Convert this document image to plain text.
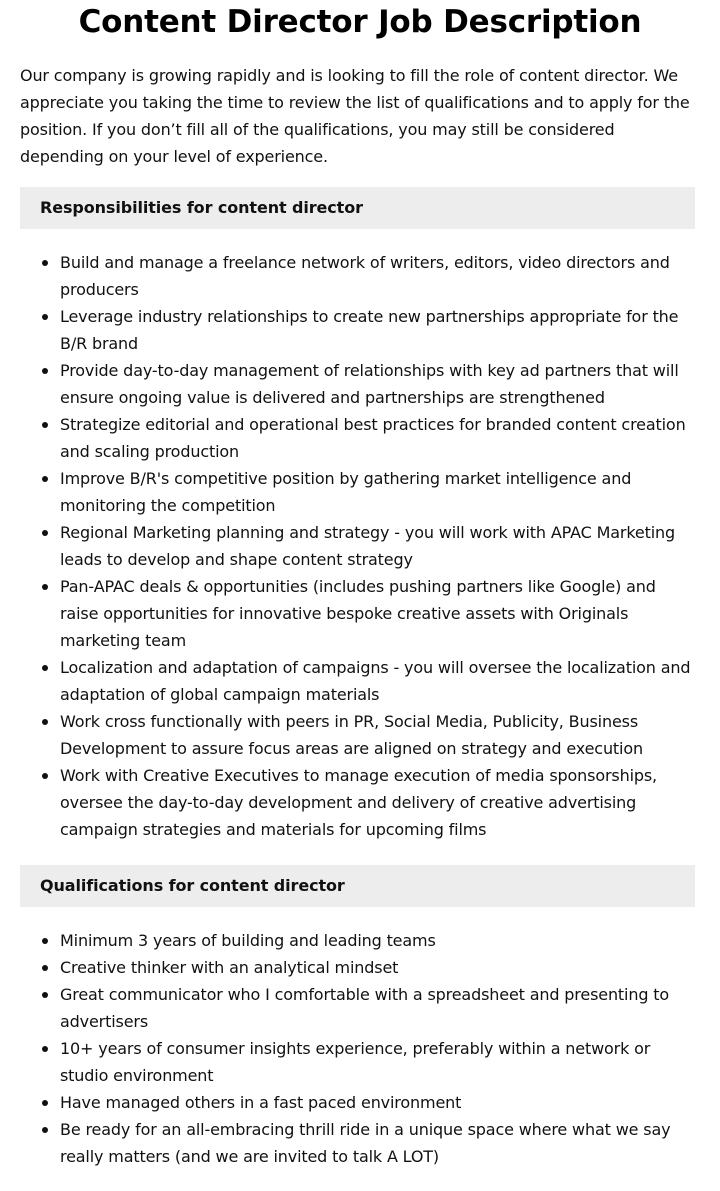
Content Director Job Description

Our company is growing rapidly and is looking to fill the role of content director. We appreciate you taking the time to review the list of qualifications and to apply for the position. If you don’t fill all of the qualifications, you may still be considered depending on your level of experience.

Responsibilities for content director
Build and manage a freelance network of writers, editors, video directors and producers
Leverage industry relationships to create new partnerships appropriate for the B/R brand
Provide day-to-day management of relationships with key ad partners that will ensure ongoing value is delivered and partnerships are strengthened
Strategize editorial and operational best practices for branded content creation and scaling production
Improve B/R's competitive position by gathering market intelligence and monitoring the competition
Regional Marketing planning and strategy - you will work with APAC Marketing leads to develop and shape content strategy
Pan-APAC deals & opportunities (includes pushing partners like Google) and raise opportunities for innovative bespoke creative assets with Originals marketing team
Localization and adaptation of campaigns - you will oversee the localization and adaptation of global campaign materials
Work cross functionally with peers in PR, Social Media, Publicity, Business Development to assure focus areas are aligned on strategy and execution
Work with Creative Executives to manage execution of media sponsorships, oversee the day-to-day development and delivery of creative advertising campaign strategies and materials for upcoming films
Qualifications for content director
Minimum 3 years of building and leading teams
Creative thinker with an analytical mindset
Great communicator who I comfortable with a spreadsheet and presenting to advertisers
10+ years of consumer insights experience, preferably within a network or studio environment
Have managed others in a fast paced environment
Be ready for an all-embracing thrill ride in a unique space where what we say really matters (and we are invited to talk A LOT)
